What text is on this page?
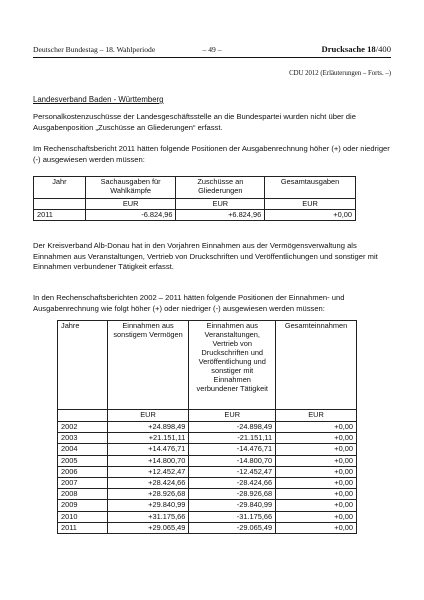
Deutscher Bundestag – 18. Wahlperiode	– 49 –	Drucksache 18/400
CDU 2012 (Erläuterungen – Forts. –)
Landesverband Baden - Württemberg
Personalkostenzuschüsse der Landesgeschäftsstelle an die Bundespartei wurden nicht über die Ausgabenposition „Zuschüsse an Gliederungen“ erfasst.
Im Rechenschaftsbericht 2011 hätten folgende Positionen der Ausgabenrechnung höher (+) oder niedriger (-) ausgewiesen werden müssen:
Jahr	Sachausgaben für Wahlkämpfe	Zuschüsse an Gliederungen	Gesamtausgaben
	EUR	EUR	EUR
2011	-6.824,96	+6.824,96	+0,00
Der Kreisverband Alb-Donau hat in den Vorjahren Einnahmen aus der Vermögensverwaltung als Einnahmen aus Veranstaltungen, Vertrieb von Druckschriften und Veröffentlichungen und sonstiger mit Einnahmen verbundener Tätigkeit erfasst.
In den Rechenschaftsberichten 2002 – 2011 hätten folgende Positionen der Einnahmen- und Ausgabenrechnung wie folgt höher (+) oder niedriger (-) ausgewiesen werden müssen:
Jahre	Einnahmen aus sonstigem Vermögen	Einnahmen aus Veranstaltungen, Vertrieb von Druckschriften und Veröffentlichung und sonstiger mit Einnahmen verbundener Tätigkeit	Gesamteinnahmen
	EUR	EUR	EUR
2002	+24.898,49	-24.898,49	+0,00
2003	+21.151,11	-21.151,11	+0,00
2004	+14.476,71	-14.476,71	+0,00
2005	+14.800,70	-14.800,70	+0,00
2006	+12.452,47	-12.452,47	+0,00
2007	+28.424,66	-28.424,66	+0,00
2008	+28.926,68	-28.926,68	+0,00
2009	+29.840,99	-29.840,99	+0,00
2010	+31.175,66	-31.175,66	+0,00
2011	+29.065,49	-29.065,49	+0,00
